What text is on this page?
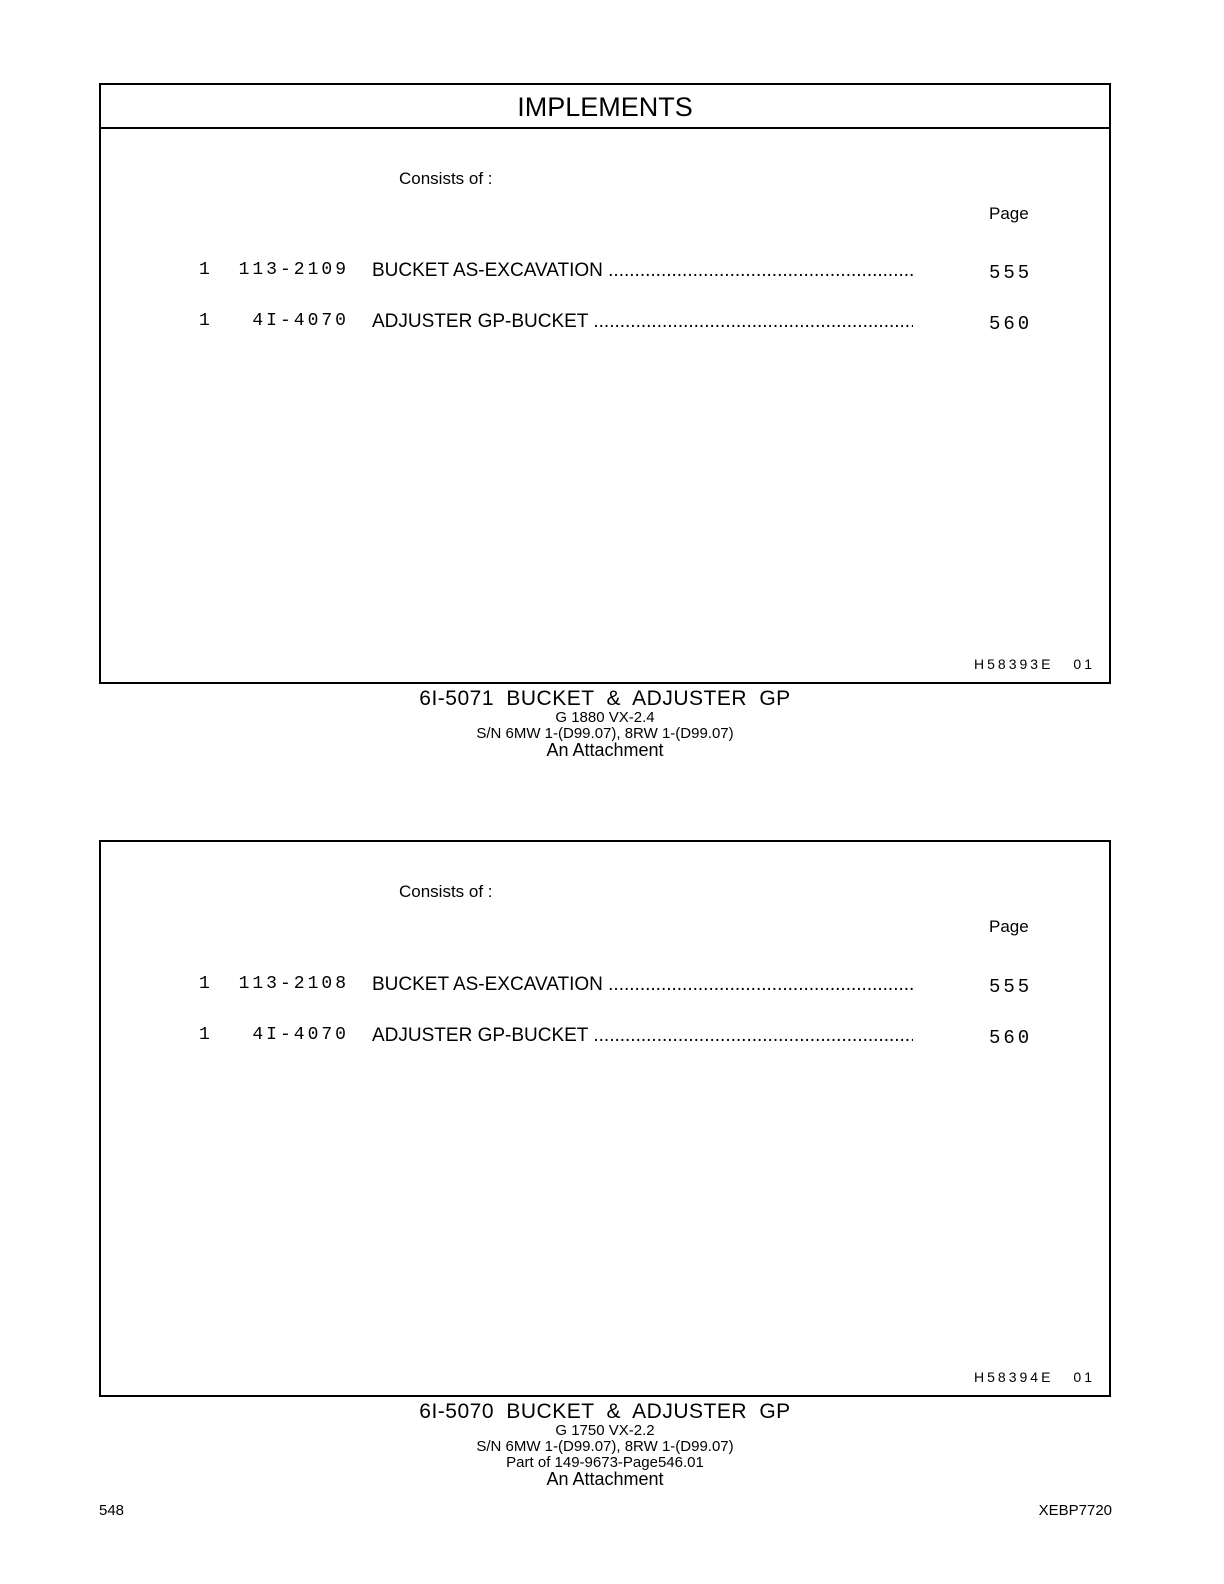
IMPLEMENTS
Consists of :
Page
1	113-2109 BUCKET AS-EXCAVATION .....	555
1	4I-4070 ADJUSTER GP-BUCKET .....	560
H58393E 01
6I-5071 BUCKET & ADJUSTER GP
G 1880 VX-2.4
S/N 6MW 1-(D99.07), 8RW 1-(D99.07)
An Attachment
Consists of :
Page
1	113-2108 BUCKET AS-EXCAVATION .....	555
1	4I-4070 ADJUSTER GP-BUCKET .....	560
H58394E 01
6I-5070 BUCKET & ADJUSTER GP
G 1750 VX-2.2
S/N 6MW 1-(D99.07), 8RW 1-(D99.07)
Part of 149-9673-Page546.01
An Attachment
548	XEBP7720
